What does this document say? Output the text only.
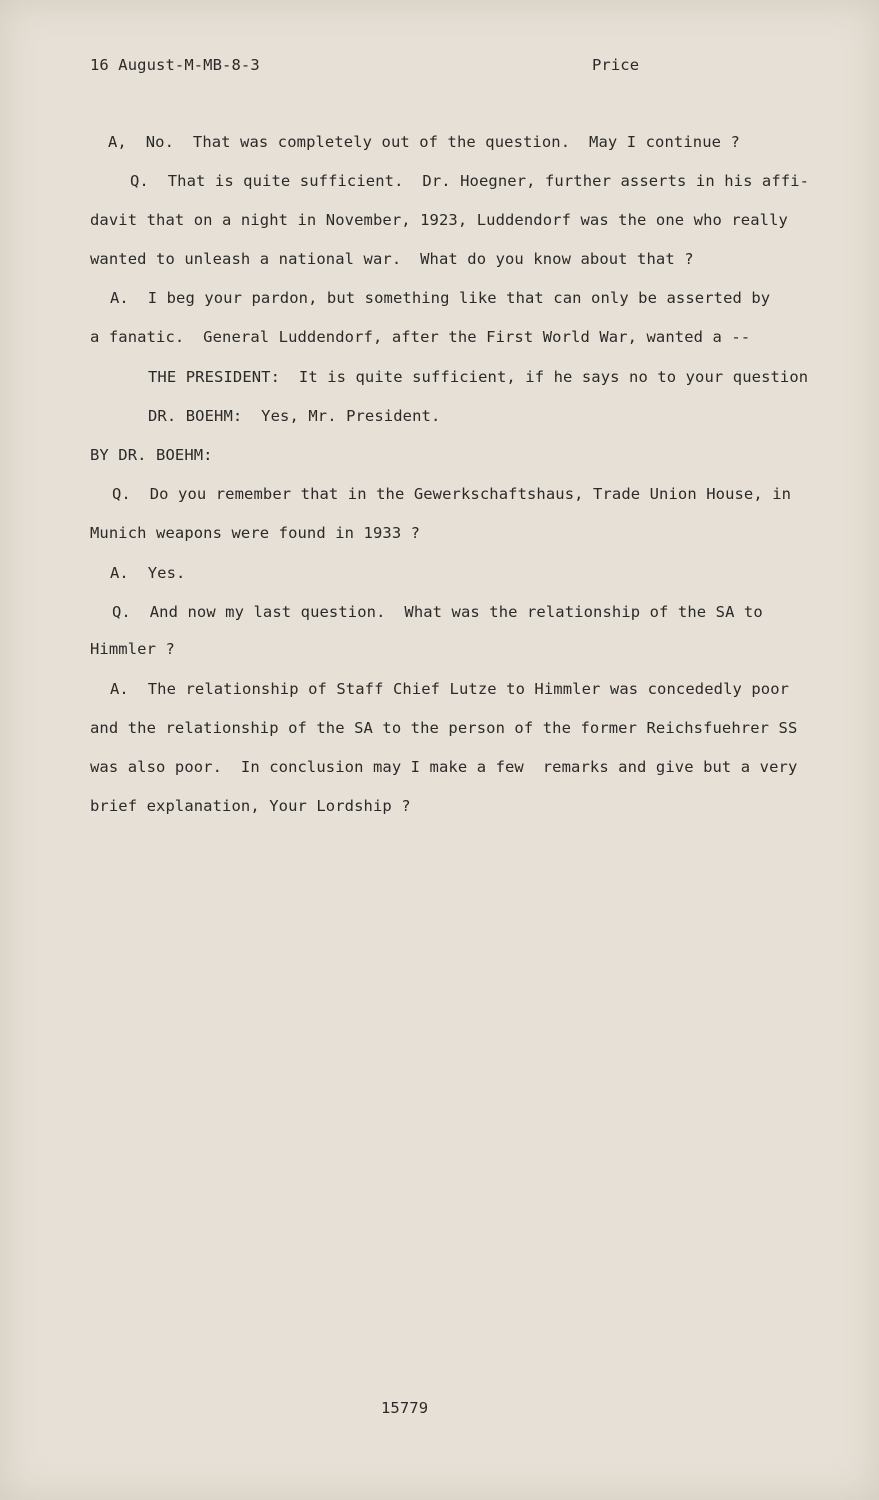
16 August-M-MB-8-3	Price
A,  No.  That was completely out of the question.  May I continue ?
Q.  That is quite sufficient.  Dr. Hoegner, further asserts in his affi-
davit that on a night in November, 1923, Luddendorf was the one who really
wanted to unleash a national war.  What do you know about that ?
A.  I beg your pardon, but something like that can only be asserted by
a fanatic.  General Luddendorf, after the First World War, wanted a --
THE PRESIDENT:  It is quite sufficient, if he says no to your question
DR. BOEHM:  Yes, Mr. President.
BY DR. BOEHM:
Q.  Do you remember that in the Gewerkschaftshaus, Trade Union House, in
Munich weapons were found in 1933 ?
A.  Yes.
Q.  And now my last question.  What was the relationship of the SA to
Himmler ?
A.  The relationship of Staff Chief Lutze to Himmler was concededly poor
and the relationship of the SA to the person of the former Reichsfuehrer SS
was also poor.  In conclusion may I make a few  remarks and give but a very
brief explanation, Your Lordship ?
15779
